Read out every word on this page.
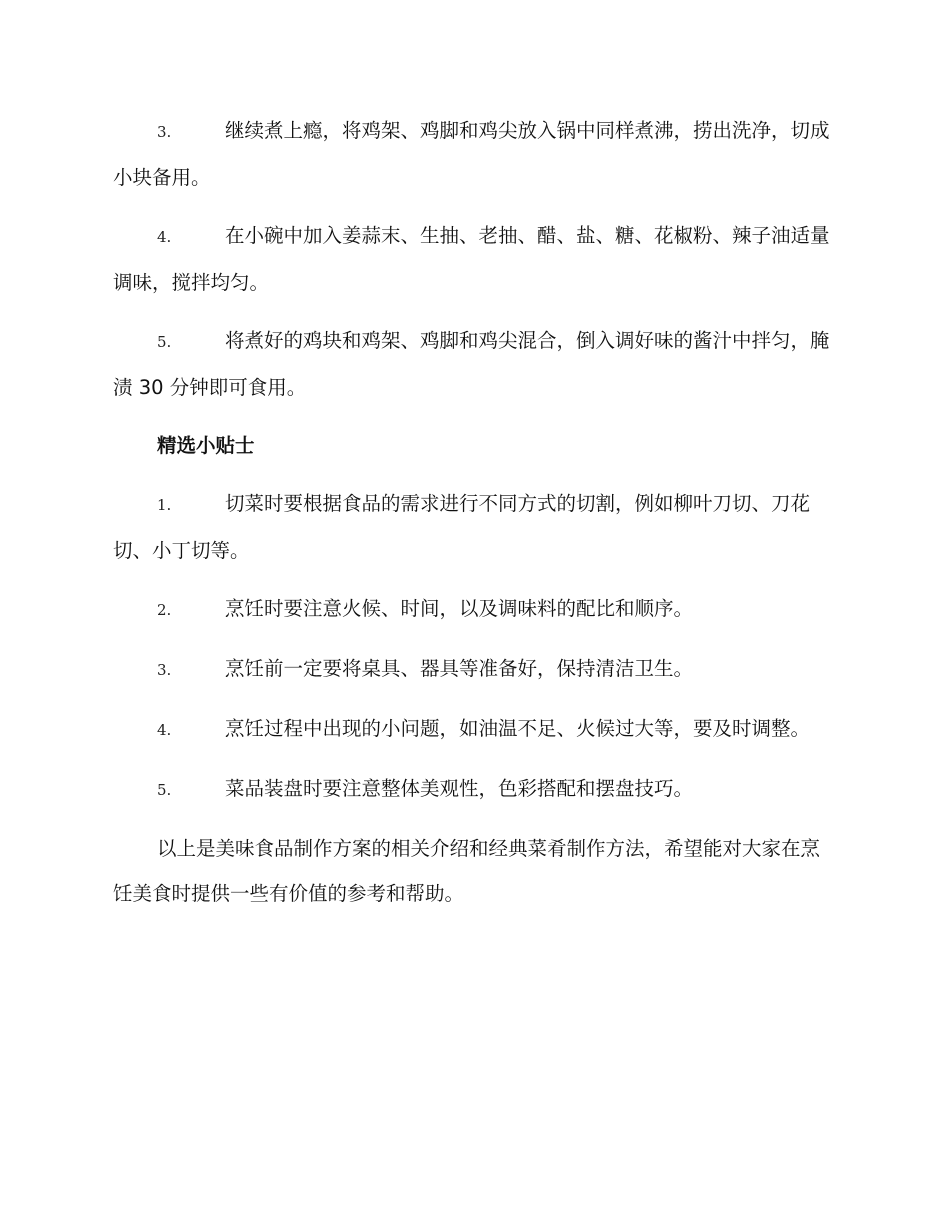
3.	继续煮上瘾，将鸡架、鸡脚和鸡尖放入锅中同样煮沸，捞出洗净，切成小块备用。

4.	在小碗中加入姜蒜末、生抽、老抽、醋、盐、糖、花椒粉、辣子油适量调味，搅拌均匀。

5.	将煮好的鸡块和鸡架、鸡脚和鸡尖混合，倒入调好味的酱汁中拌匀，腌渍 30 分钟即可食用。

精选小贴士

1.	切菜时要根据食品的需求进行不同方式的切割，例如柳叶刀切、刀花切、小丁切等。

2.	烹饪时要注意火候、时间，以及调味料的配比和顺序。

3.	烹饪前一定要将桌具、器具等准备好，保持清洁卫生。

4.	烹饪过程中出现的小问题，如油温不足、火候过大等，要及时调整。

5.	菜品装盘时要注意整体美观性，色彩搭配和摆盘技巧。

以上是美味食品制作方案的相关介绍和经典菜肴制作方法，希望能对大家在烹饪美食时提供一些有价值的参考和帮助。
